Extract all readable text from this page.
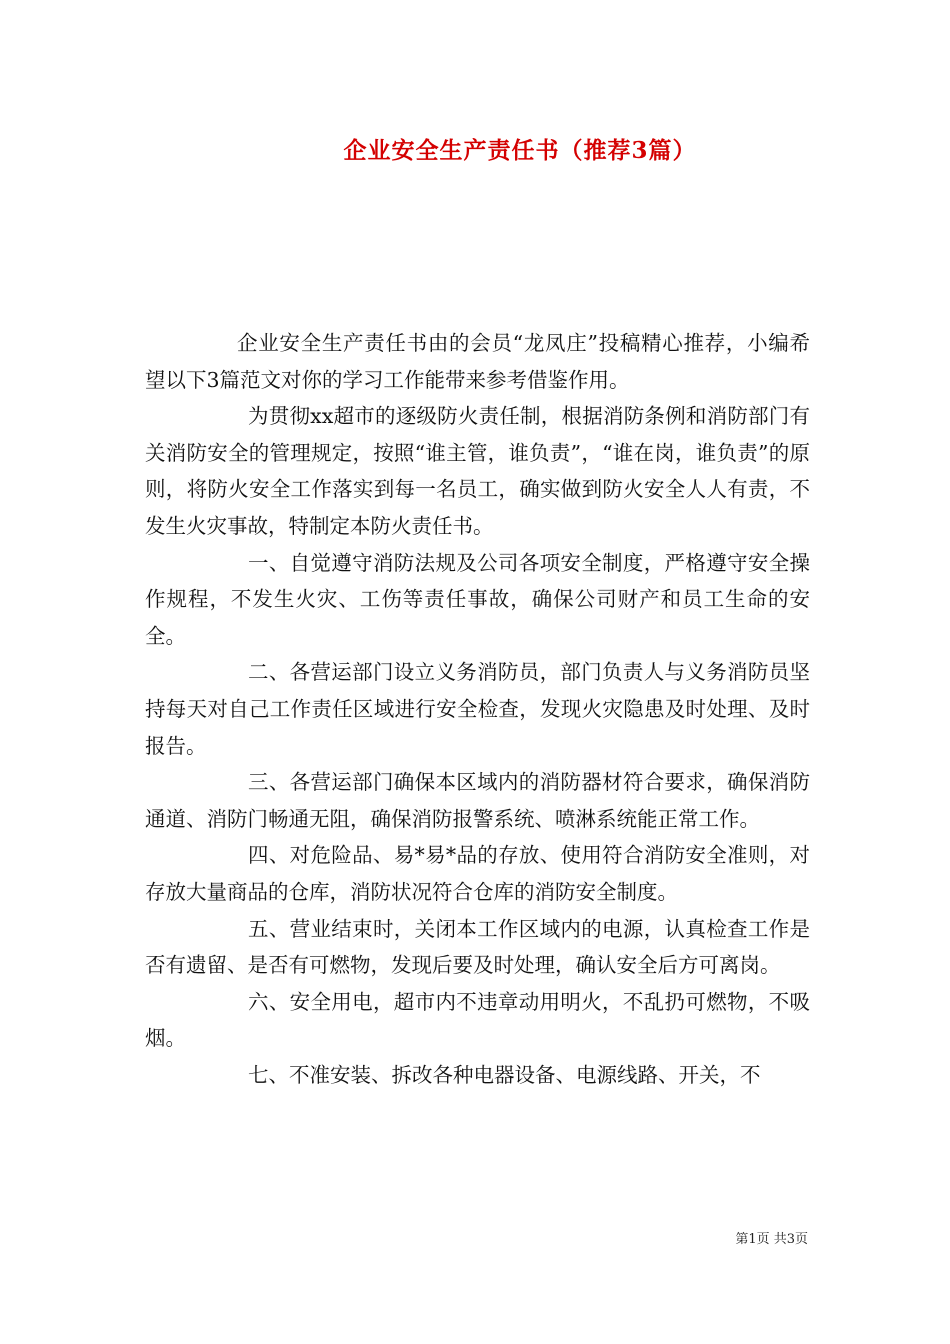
企业安全生产责任书（推荐3篇）

企业安全生产责任书由的会员“龙凤庄”投稿精心推荐，小编希望以下3篇范文对你的学习工作能带来参考借鉴作用。

为贯彻xx超市的逐级防火责任制，根据消防条例和消防部门有关消防安全的管理规定，按照“谁主管，谁负责”，“谁在岗，谁负责”的原则，将防火安全工作落实到每一名员工，确实做到防火安全人人有责，不发生火灾事故，特制定本防火责任书。

一、自觉遵守消防法规及公司各项安全制度，严格遵守安全操作规程，不发生火灾、工伤等责任事故，确保公司财产和员工生命的安全。

二、各营运部门设立义务消防员，部门负责人与义务消防员坚持每天对自己工作责任区域进行安全检查，发现火灾隐患及时处理、及时报告。

三、各营运部门确保本区域内的消防器材符合要求，确保消防通道、消防门畅通无阻，确保消防报警系统、喷淋系统能正常工作。

四、对危险品、易*易*品的存放、使用符合消防安全准则，对存放大量商品的仓库，消防状况符合仓库的消防安全制度。

五、营业结束时，关闭本工作区域内的电源，认真检查工作是否有遗留、是否有可燃物，发现后要及时处理，确认安全后方可离岗。

六、安全用电，超市内不违章动用明火，不乱扔可燃物，不吸烟。

七、不准安装、拆改各种电器设备、电源线路、开关，不

第1页 共3页
